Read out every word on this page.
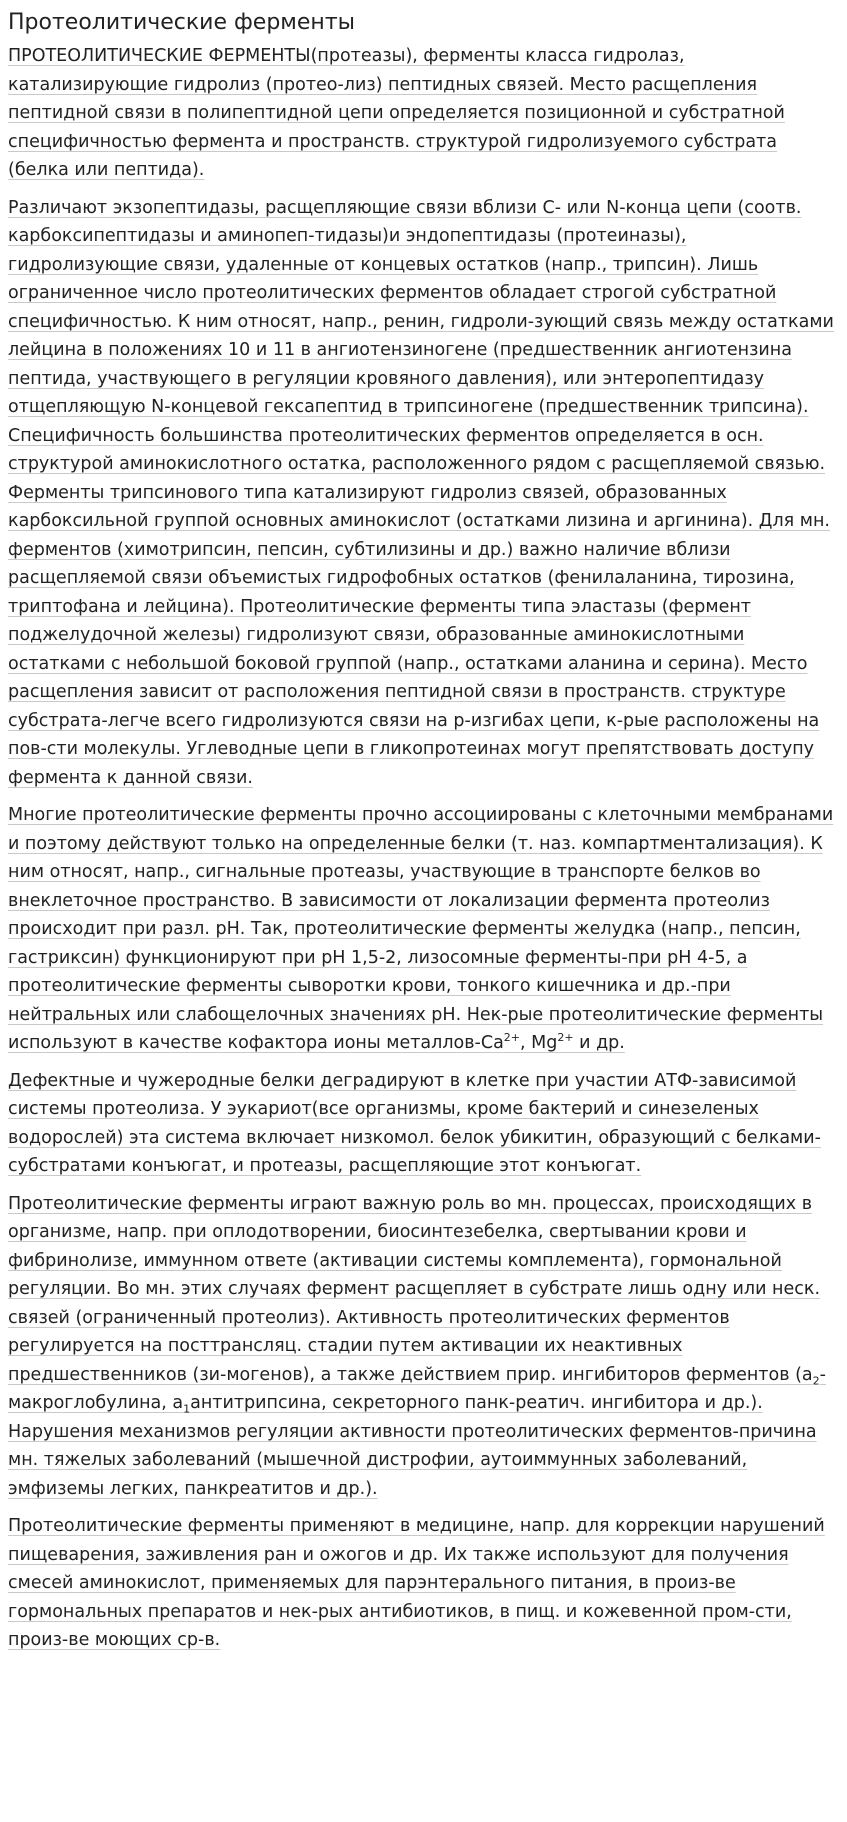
Протеолитические ферменты

ПРОТЕОЛИТИЧЕСКИЕ ФЕРМЕНТЫ(протеазы), ферменты класса гидролаз, катализирующие гидролиз (протео-лиз) пептидных связей. Место расщепления пептидной связи в полипептидной цепи определяется позиционной и субстратной специфичностью фермента и пространств. структурой гидролизуемого субстрата (белка или пептида).

Различают экзопептидазы, расщепляющие связи вблизи С- или N-конца цепи (соотв. карбоксипептидазы и аминопеп-тидазы)и эндопептидазы (протеиназы), гидролизующие связи, удаленные от концевых остатков (напр., трипсин). Лишь ограниченное число протеолитических ферментов обладает строгой субстратной специфичностью. К ним относят, напр., ренин, гидроли-зующий связь между остатками лейцина в положениях 10 и 11 в ангиотензиногене (предшественник ангиотензина пептида, участвующего в регуляции кровяного давления), или энтеропептидазу отщепляющую N-концевой гексапептид в трипсиногене (предшественник трипсина). Специфичность большинства протеолитических ферментов определяется в осн. структурой аминокислотного остатка, расположенного рядом с расщепляемой связью. Ферменты трипсинового типа катализируют гидролиз связей, образованных карбоксильной группой основных аминокислот (остатками лизина и аргинина). Для мн. ферментов (химотрипсин, пепсин, субтилизины и др.) важно наличие вблизи расщепляемой связи объемистых гидрофобных остатков (фенилаланина, тирозина, триптофана и лейцина). Протеолитические ферменты типа эластазы (фермент поджелудочной железы) гидролизуют связи, образованные аминокислотными остатками с небольшой боковой группой (напр., остатками аланина и серина). Место расщепления зависит от расположения пептидной связи в пространств. структуре субстрата-легче всего гидролизуются связи на р-изгибах цепи, к-рые расположены на пов-сти молекулы. Углеводные цепи в гликопротеинах могут препятствовать доступу фермента к данной связи.

Многие протеолитические ферменты прочно ассоциированы с клеточными мембранами и поэтому действуют только на определенные белки (т. наз. компартментализация). К ним относят, напр., сигнальные протеазы, участвующие в транспорте белков во внеклеточное пространство. В зависимости от локализации фермента протеолиз происходит при разл. рН. Так, протеолитические ферменты желудка (напр., пепсин, гастриксин) функционируют при рН 1,5-2, лизосомные ферменты-при рН 4-5, а протеолитические ферменты сыворотки крови, тонкого кишечника и др.-при нейтральных или слабощелочных значениях рН. Нек-рые протеолитические ферменты используют в качестве кофактора ионы металлов-$Са^{2+}$, $Mg^{2+}$ и др.

Дефектные и чужеродные белки деградируют в клетке при участии АТФ-зависимой системы протеолиза. У эукариот(все организмы, кроме бактерий и синезеленых водорослей) эта система включает низкомол. белок убикитин, образующий с белками-субстратами конъюгат, и протеазы, расщепляющие этот конъюгат.

Протеолитические ферменты играют важную роль во мн. процессах, происходящих в организме, напр. при оплодотворении, биосинтезебелка, свертывании крови и фибринолизе, иммунном ответе (активации системы комплемента), гормональной регуляции. Во мн. этих случаях фермент расщепляет в субстрате лишь одну или неск. связей (ограниченный протеолиз). Активность протеолитических ферментов регулируется на посттрансляц. стадии путем активации их неактивных предшественников (зи-могенов), а также действием прир. ингибиторов ферментов ($а_2$-макроглобулина, $а_1антитрипсина$, секреторного панк-реатич. ингибитора и др.). Нарушения механизмов регуляции активности протеолитических ферментов-причина мн. тяжелых заболеваний (мышечной дистрофии, аутоиммунных заболеваний, эмфиземы легких, панкреатитов и др.).

Протеолитические ферменты применяют в медицине, напр. для коррекции нарушений пищеварения, заживления ран и ожогов и др. Их также используют для получения смесей аминокислот, применяемых для парэнтерального питания, в произ-ве гормональных препаратов и нек-рых антибиотиков, в пищ. и кожевенной пром-сти, произ-ве моющих ср-в.
